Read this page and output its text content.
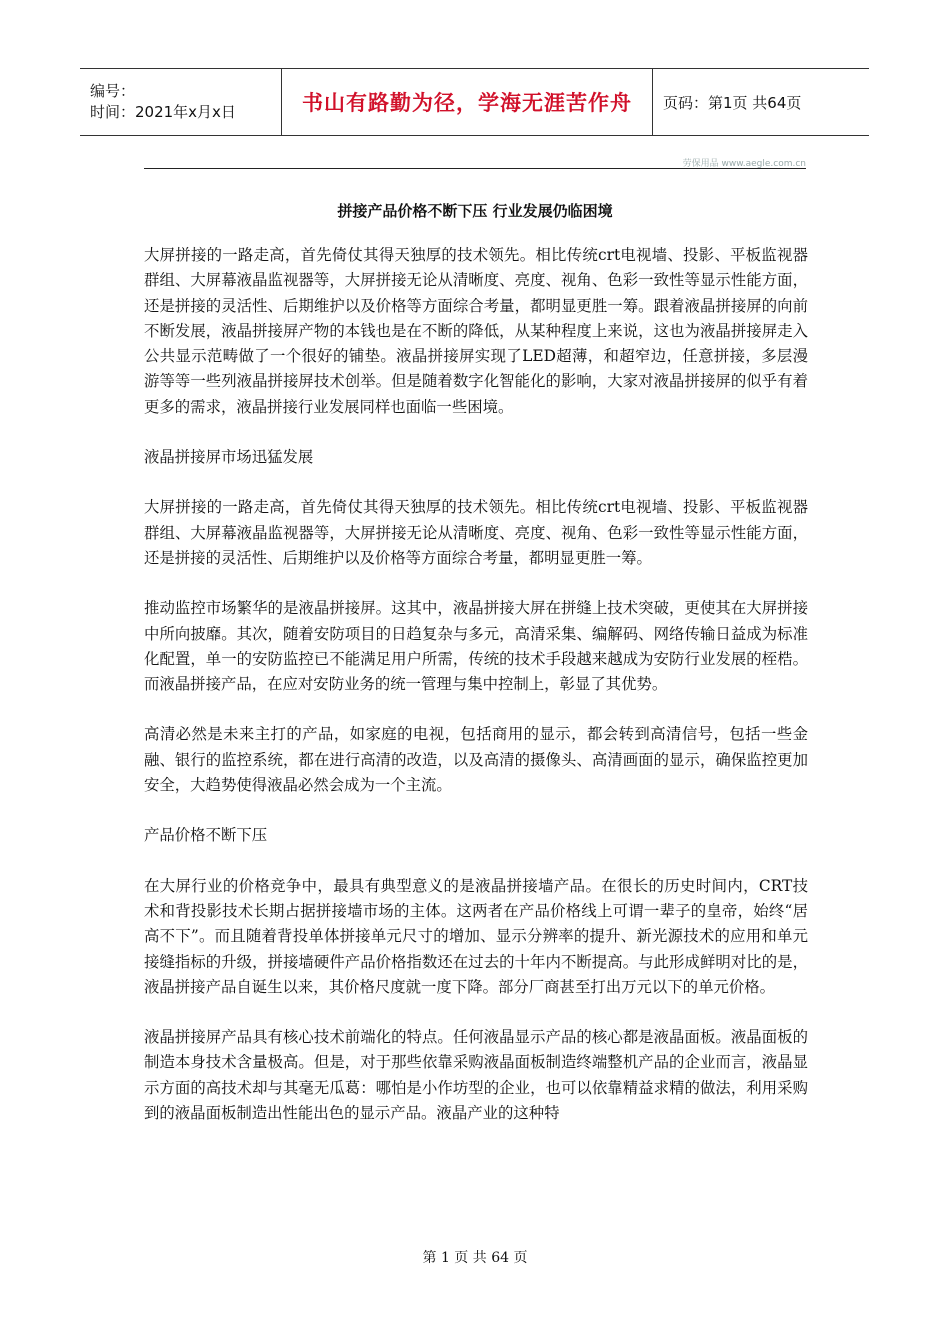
编号：
时间：2021年x月x日	书山有路勤为径，学海无涯苦作舟 页码：第1页 共64页
劳保用品 www.aegle.com.cn
拼接产品价格不断下压 行业发展仍临困境

大屏拼接的一路走高，首先倚仗其得天独厚的技术领先。相比传统crt电视墙、投影、平板监视器群组、大屏幕液晶监视器等，大屏拼接无论从清晰度、亮度、视角、色彩一致性等显示性能方面，还是拼接的灵活性、后期维护以及价格等方面综合考量，都明显更胜一筹。跟着液晶拼接屏的向前不断发展，液晶拼接屏产物的本钱也是在不断的降低，从某种程度上来说，这也为液晶拼接屏走入公共显示范畴做了一个很好的铺垫。液晶拼接屏实现了LED超薄，和超窄边，任意拼接，多层漫游等等一些列液晶拼接屏技术创举。但是随着数字化智能化的影响，大家对液晶拼接屏的似乎有着更多的需求，液晶拼接行业发展同样也面临一些困境。

液晶拼接屏市场迅猛发展

大屏拼接的一路走高，首先倚仗其得天独厚的技术领先。相比传统crt电视墙、投影、平板监视器群组、大屏幕液晶监视器等，大屏拼接无论从清晰度、亮度、视角、色彩一致性等显示性能方面，还是拼接的灵活性、后期维护以及价格等方面综合考量，都明显更胜一筹。

推动监控市场繁华的是液晶拼接屏。这其中，液晶拼接大屏在拼缝上技术突破，更使其在大屏拼接中所向披靡。其次，随着安防项目的日趋复杂与多元，高清采集、编解码、网络传输日益成为标准化配置，单一的安防监控已不能满足用户所需，传统的技术手段越来越成为安防行业发展的桎梏。而液晶拼接产品，在应对安防业务的统一管理与集中控制上，彰显了其优势。

高清必然是未来主打的产品，如家庭的电视，包括商用的显示，都会转到高清信号，包括一些金融、银行的监控系统，都在进行高清的改造，以及高清的摄像头、高清画面的显示，确保监控更加安全，大趋势使得液晶必然会成为一个主流。

产品价格不断下压

在大屏行业的价格竞争中，最具有典型意义的是液晶拼接墙产品。在很长的历史时间内，CRT技术和背投影技术长期占据拼接墙市场的主体。这两者在产品价格线上可谓一辈子的皇帝，始终“居高不下”。而且随着背投单体拼接单元尺寸的增加、显示分辨率的提升、新光源技术的应用和单元接缝指标的升级，拼接墙硬件产品价格指数还在过去的十年内不断提高。与此形成鲜明对比的是，液晶拼接产品自诞生以来，其价格尺度就一度下降。部分厂商甚至打出万元以下的单元价格。

液晶拼接屏产品具有核心技术前端化的特点。任何液晶显示产品的核心都是液晶面板。液晶面板的制造本身技术含量极高。但是，对于那些依靠采购液晶面板制造终端整机产品的企业而言，液晶显示方面的高技术却与其毫无瓜葛：哪怕是小作坊型的企业，也可以依靠精益求精的做法，利用采购到的液晶面板制造出性能出色的显示产品。液晶产业的这种特

第 1 页 共 64 页
